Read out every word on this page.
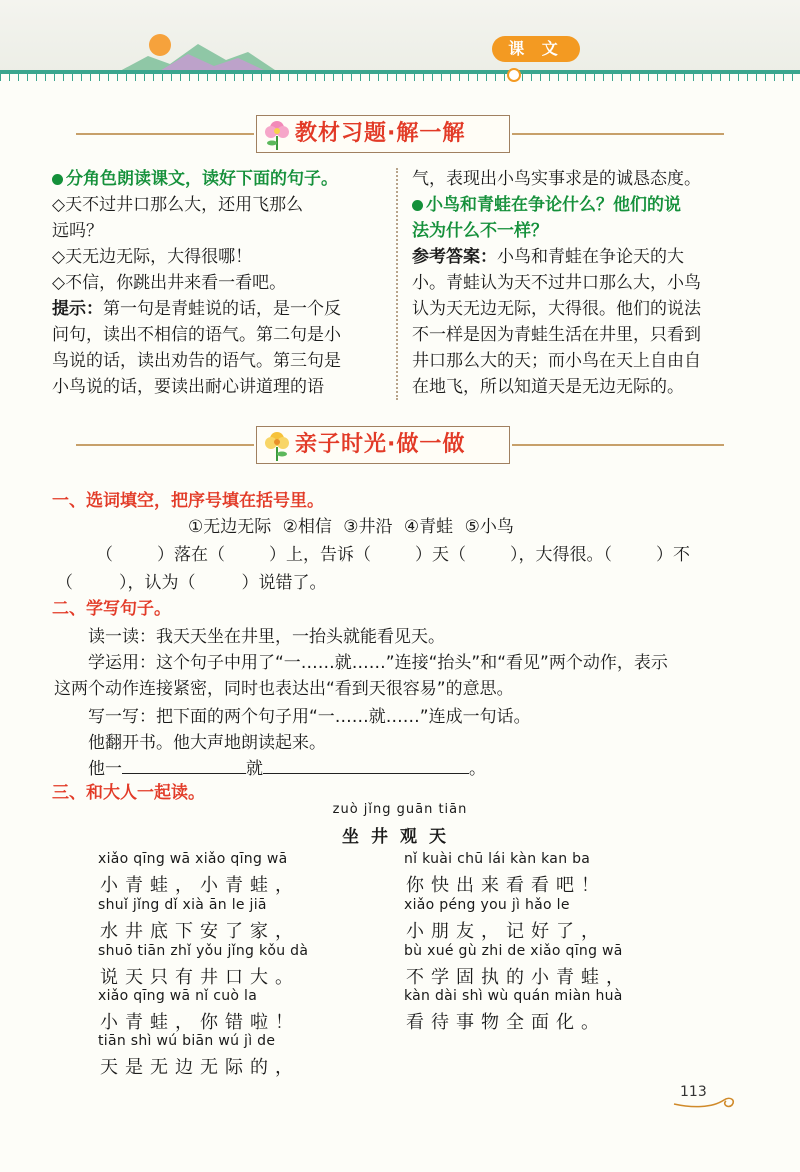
课 文
教材习题·解一解
分角色朗读课文，读好下面的句子。
◇天不过井口那么大，还用飞那么
远吗？
◇天无边无际，大得很哪！
◇不信，你跳出井来看一看吧。
提示：第一句是青蛙说的话，是一个反
问句，读出不相信的语气。第二句是小
鸟说的话，读出劝告的语气。第三句是
小鸟说的话，要读出耐心讲道理的语
气，表现出小鸟实事求是的诚恳态度。
小鸟和青蛙在争论什么？他们的说
法为什么不一样？
参考答案：小鸟和青蛙在争论天的大
小。青蛙认为天不过井口那么大，小鸟
认为天无边无际，大得很。他们的说法
不一样是因为青蛙生活在井里，只看到
井口那么大的天；而小鸟在天上自由自
在地飞，所以知道天是无边无际的。
亲子时光·做一做
一、选词填空，把序号填在括号里。
①无边无际 ②相信 ③井沿 ④青蛙 ⑤小鸟
（	）落在（	）上，告诉（	）天（	），大得很。（	）不
（	），认为（	）说错了。
二、学写句子。
读一读：我天天坐在井里，一抬头就能看见天。
学运用：这个句子中用了“一……就……”连接“抬头”和“看见”两个动作，表示
这两个动作连接紧密，同时也表达出“看到天很容易”的意思。
写一写：把下面的两个句子用“一……就……”连成一句话。
他翻开书。他大声地朗读起来。
他一	就	。
三、和大人一起读。
zuò jǐng guān tiān
坐井观天
xiǎo qīng wā xiǎo qīng wā
小青蛙，小青蛙，
shuǐ jǐng dǐ xià ān le jiā
水井底下安了家，
shuō tiān zhǐ yǒu jǐng kǒu dà
说天只有井口大。
xiǎo qīng wā nǐ cuò la
小青蛙，你错啦！
tiān shì wú biān wú jì de
天是无边无际的，
nǐ kuài chū lái kàn kan ba
你快出来看看吧！
xiǎo péng you jì hǎo le
小朋友，记好了，
bù xué gù zhi de xiǎo qīng wā
不学固执的小青蛙，
kàn dài shì wù quán miàn huà
看待事物全面化。
113
